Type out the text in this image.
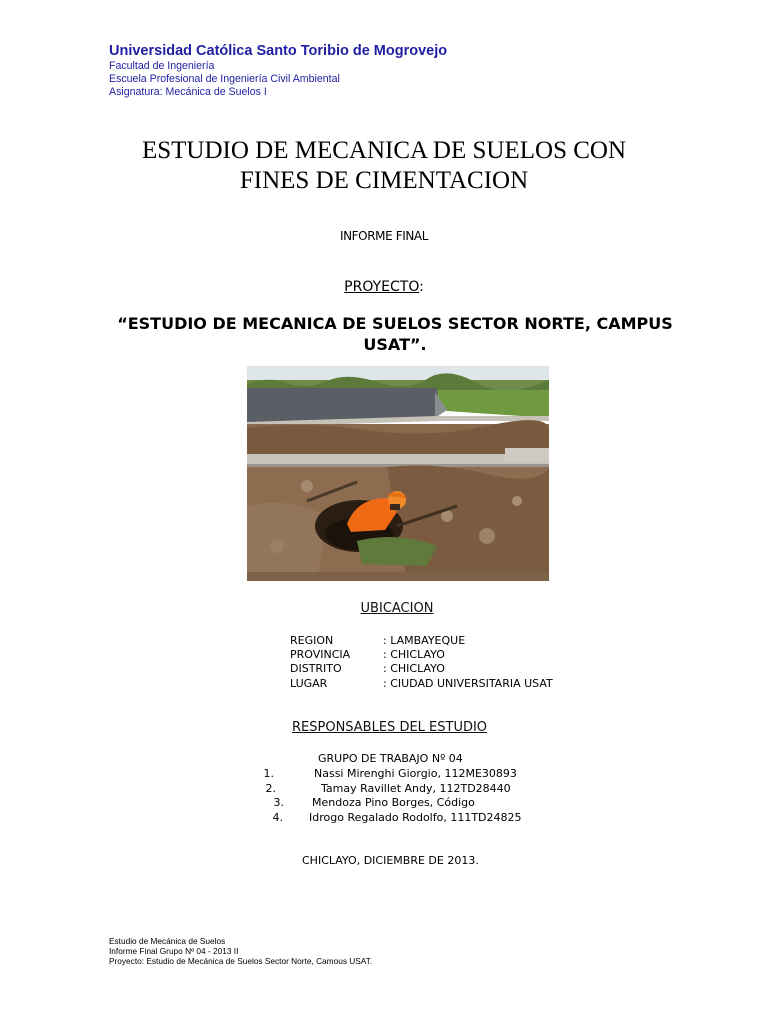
Universidad Católica Santo Toribio de Mogrovejo
Facultad de Ingeniería
Escuela Profesional de Ingeniería Civil Ambiental
Asignatura: Mecánica de Suelos I
ESTUDIO DE MECANICA DE SUELOS CON
FINES DE CIMENTACION
INFORME FINAL
PROYECTO:
“ESTUDIO DE MECANICA DE SUELOS SECTOR NORTE, CAMPUS
USAT”.
UBICACION
REGION	: LAMBAYEQUE
PROVINCIA	: CHICLAYO
DISTRITO	: CHICLAYO
LUGAR	: CIUDAD UNIVERSITARIA USAT
RESPONSABLES DEL ESTUDIO
GRUPO DE TRABAJO Nº 04
1.	Nassi Mirenghi Giorgio, 112ME30893
2.	Tamay Ravillet Andy, 112TD28440
3.	Mendoza Pino Borges, Código
4. Idrogo Regalado Rodolfo, 111TD24825
CHICLAYO, DICIEMBRE DE 2013.
Estudio de Mecánica de Suelos
Informe Final Grupo Nº 04 - 2013 II
Proyecto: Estudio de Mecánica de Suelos Sector Norte, Camous USAT.
